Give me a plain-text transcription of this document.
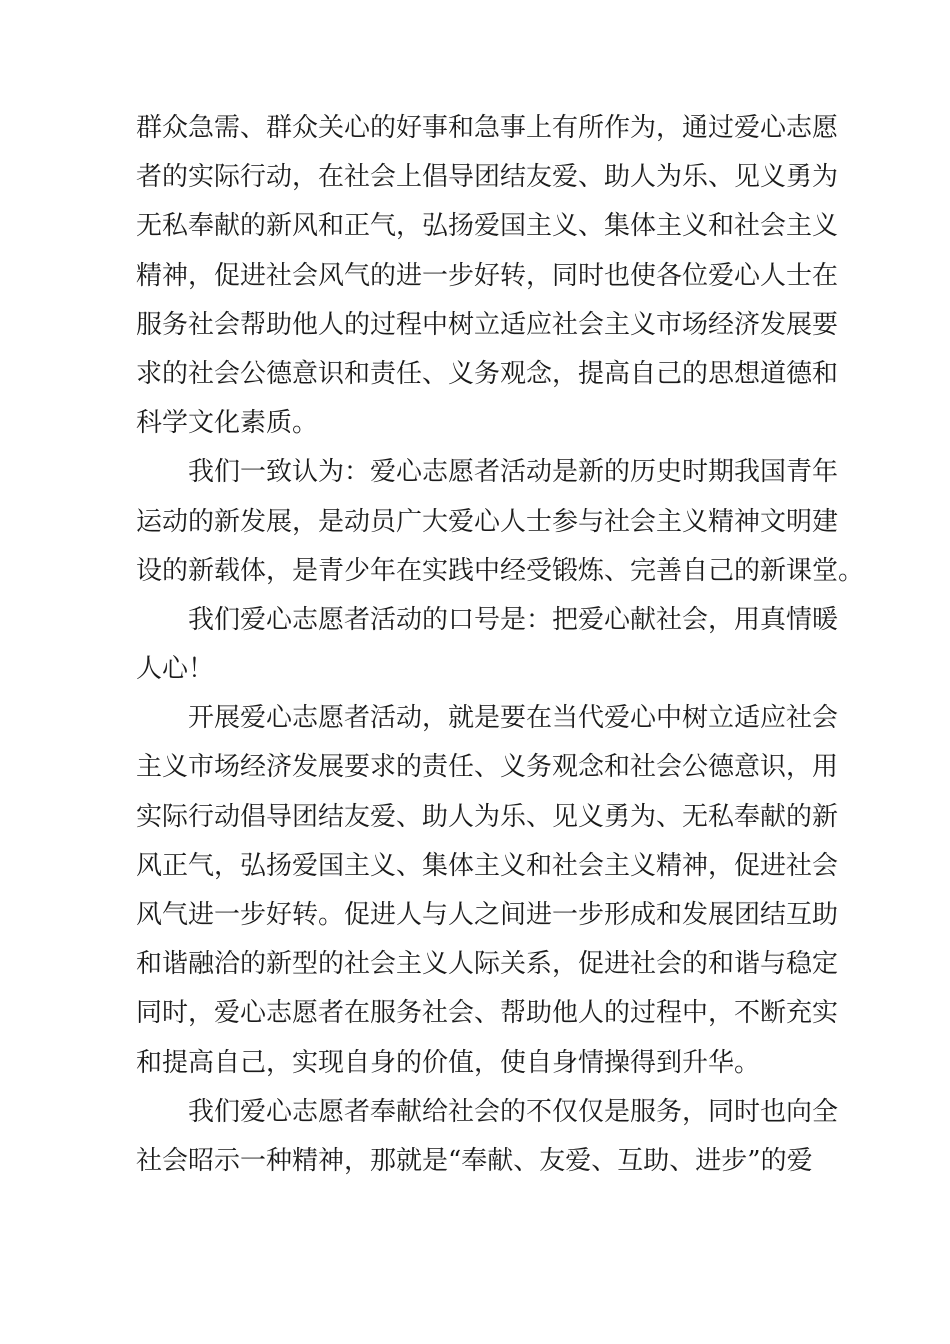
群众急需、群众关心的好事和急事上有所作为，通过爱心志愿
者的实际行动，在社会上倡导团结友爱、助人为乐、见义勇为
无私奉献的新风和正气，弘扬爱国主义、集体主义和社会主义
精神，促进社会风气的进一步好转，同时也使各位爱心人士在
服务社会帮助他人的过程中树立适应社会主义市场经济发展要
求的社会公德意识和责任、义务观念，提高自己的思想道德和
科学文化素质。
我们一致认为：爱心志愿者活动是新的历史时期我国青年
运动的新发展，是动员广大爱心人士参与社会主义精神文明建
设的新载体，是青少年在实践中经受锻炼、完善自己的新课堂。
我们爱心志愿者活动的口号是：把爱心献社会，用真情暖
人心！
开展爱心志愿者活动，就是要在当代爱心中树立适应社会
主义市场经济发展要求的责任、义务观念和社会公德意识，用
实际行动倡导团结友爱、助人为乐、见义勇为、无私奉献的新
风正气，弘扬爱国主义、集体主义和社会主义精神，促进社会
风气进一步好转。促进人与人之间进一步形成和发展团结互助
和谐融洽的新型的社会主义人际关系，促进社会的和谐与稳定
同时，爱心志愿者在服务社会、帮助他人的过程中，不断充实
和提高自己，实现自身的价值，使自身情操得到升华。
我们爱心志愿者奉献给社会的不仅仅是服务，同时也向全
社会昭示一种精神，那就是“奉献、友爱、互助、进步”的爱
